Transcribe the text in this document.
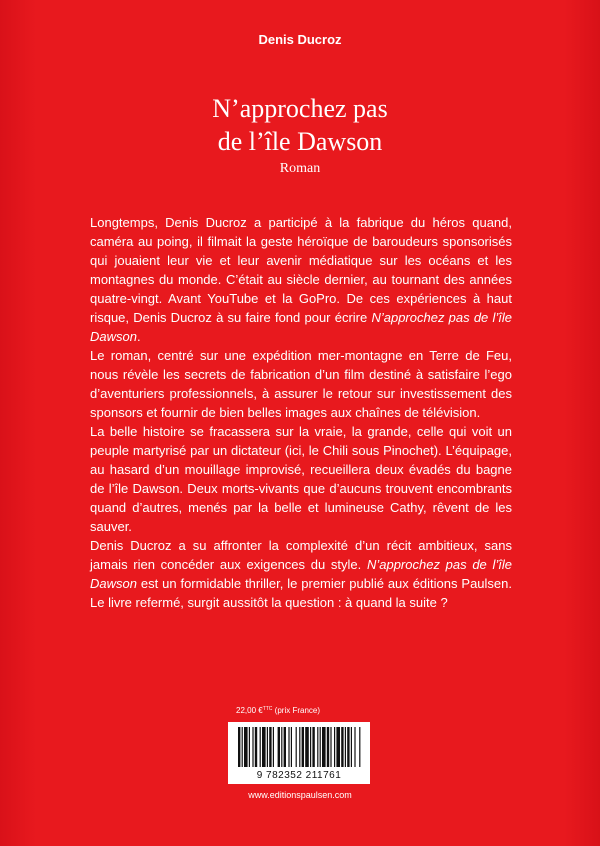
Denis Ducroz
N’approchez pas
de l’île Dawson
Roman

Longtemps, Denis Ducroz a participé à la fabrique du héros quand, caméra au poing, il filmait la geste héroïque de baroudeurs sponsorisés qui jouaient leur vie et leur avenir médiatique sur les océans et les montagnes du monde. C’était au siècle dernier, au tournant des années quatre-vingt. Avant YouTube et la GoPro. De ces expériences à haut risque, Denis Ducroz à su faire fond pour écrire N’approchez pas de l’île Dawson.

Le roman, centré sur une expédition mer-montagne en Terre de Feu, nous révèle les secrets de fabrication d’un film destiné à satisfaire l’ego d’aventuriers professionnels, à assurer le retour sur investissement des sponsors et fournir de bien belles images aux chaînes de télévision.

La belle histoire se fracassera sur la vraie, la grande, celle qui voit un peuple martyrisé par un dictateur (ici, le Chili sous Pinochet). L’équipage, au hasard d’un mouillage improvisé, recueillera deux évadés du bagne de l’île Dawson. Deux morts-vivants que d’aucuns trouvent encombrants quand d’autres, menés par la belle et lumineuse Cathy, rêvent de les sauver.

Denis Ducroz a su affronter la complexité d’un récit ambitieux, sans jamais rien concéder aux exigences du style. N’approchez pas de l’île Dawson est un formidable thriller, le premier publié aux éditions Paulsen. Le livre refermé, surgit aussitôt la question : à quand la suite ?

22,00 €$^{TTC}$ (prix France)
9 782352 211761
www.editionspaulsen.com
